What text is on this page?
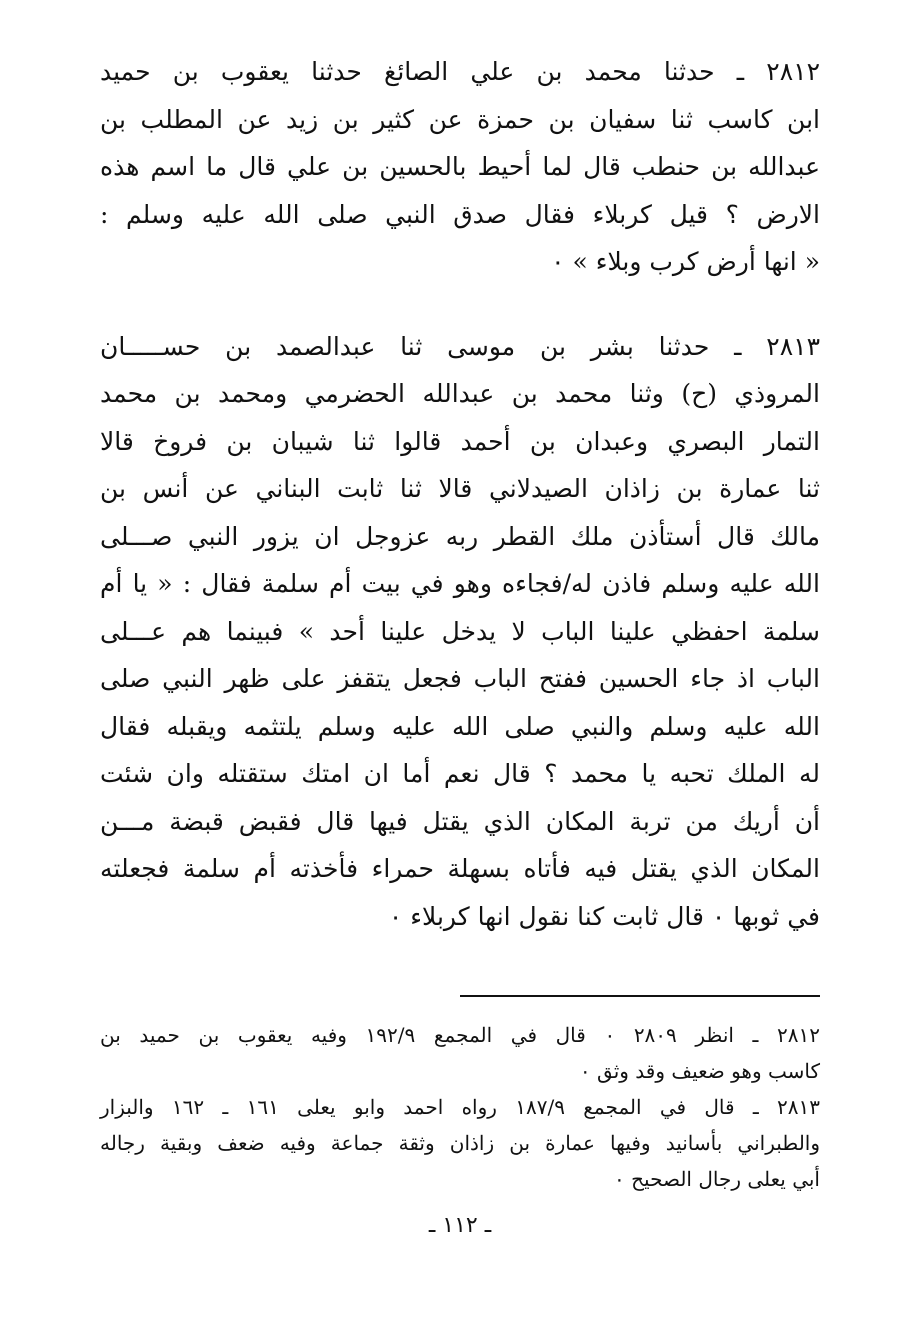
٢٨١٢ ـ حدثنا محمد بن علي الصائغ حدثنا يعقوب بن حميد
ابن كاسب ثنا سفيان بن حمزة عن كثير بن زيد عن المطلب بن
عبدالله بن حنطب قال لما أحيط بالحسين بن علي قال ما اسم هذه
الارض ؟ قيل كربلاء فقال صدق النبي صلى الله عليه وسلم :
« انها أرض كرب وبلاء » ٠
٢٨١٣ ـ حدثنا بشر بن موسى ثنا عبدالصمد بن حســـــان
المروذي (ح) وثنا محمد بن عبدالله الحضرمي ومحمد بن محمد
التمار البصري وعبدان بن أحمد قالوا ثنا شيبان بن فروخ قالا
ثنا عمارة بن زاذان الصيدلاني قالا ثنا ثابت البناني عن أنس بن
مالك قال أستأذن ملك القطر ربه عزوجل ان يزور النبي صـــلى
الله عليه وسلم فاذن له/فجاءه وهو في بيت أم سلمة فقال : « يا أم
سلمة احفظي علينا الباب لا يدخل علينا أحد » فبينما هم عـــلى
الباب اذ جاء الحسين ففتح الباب فجعل يتقفز على ظهر النبي صلى
الله عليه وسلم والنبي صلى الله عليه وسلم يلتثمه ويقبله فقال
له الملك تحبه يا محمد ؟ قال نعم أما ان امتك ستقتله وان شئت
أن أريك من تربة المكان الذي يقتل فيها قال فقبض قبضة مـــن
المكان الذي يقتل فيه فأتاه بسهلة حمراء فأخذته أم سلمة فجعلته
في ثوبها ٠ قال ثابت كنا نقول انها كربلاء ٠
٢٨١٢ ـ انظر ٢٨٠٩ ٠ قال في المجمع ١٩٢/٩ وفيه يعقوب بن حميد بن
كاسب وهو ضعيف وقد وثق ٠
٢٨١٣ ـ قال في المجمع ١٨٧/٩ رواه احمد وابو يعلى ١٦١ ـ ١٦٢ والبزار
والطبراني بأسانيد وفيها عمارة بن زاذان وثقة جماعة وفيه ضعف وبقية رجاله
أبي يعلى رجال الصحيح ٠
ـ ١١٢ ـ
